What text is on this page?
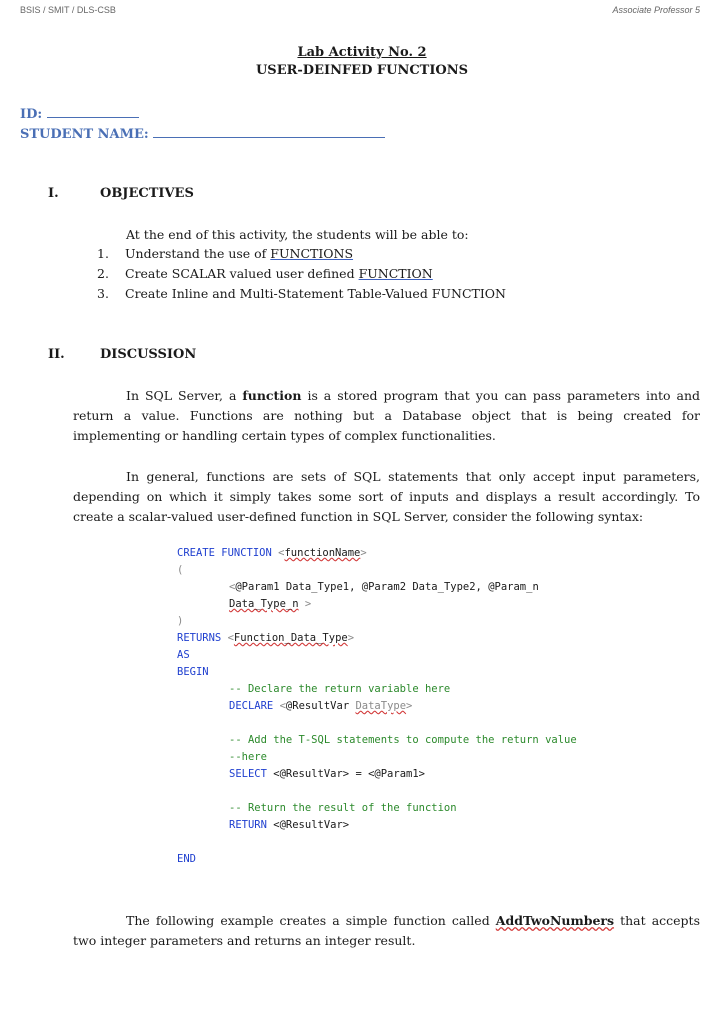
BSIS / SMIT / DLS-CSB	Associate Professor 5
Lab Activity No. 2
USER-DEINFED FUNCTIONS
ID:
STUDENT NAME:
I.	OBJECTIVES
At the end of this activity, the students will be able to:
1. Understand the use of FUNCTIONS
2. Create SCALAR valued user defined FUNCTION
3. Create Inline and Multi-Statement Table-Valued FUNCTION
II.	DISCUSSION

In SQL Server, a function is a stored program that you can pass parameters into and return a value. Functions are nothing but a Database object that is being created for implementing or handling certain types of complex functionalities.

In general, functions are sets of SQL statements that only accept input parameters, depending on which it simply takes some sort of inputs and displays a result accordingly. To create a scalar-valued user-defined function in SQL Server, consider the following syntax:

CREATE FUNCTION <functionName>
(
<@Param1 Data_Type1, @Param2 Data_Type2, @Param_n
Data_Type_n >
)
RETURNS <Function_Data_Type>
AS
BEGIN
-- Declare the return variable here
DECLARE <@ResultVar DataType>
-- Add the T-SQL statements to compute the return value
--here
SELECT <@ResultVar> = <@Param1>
-- Return the result of the function
RETURN <@ResultVar>
END

The following example creates a simple function called AddTwoNumbers that accepts two integer parameters and returns an integer result.
